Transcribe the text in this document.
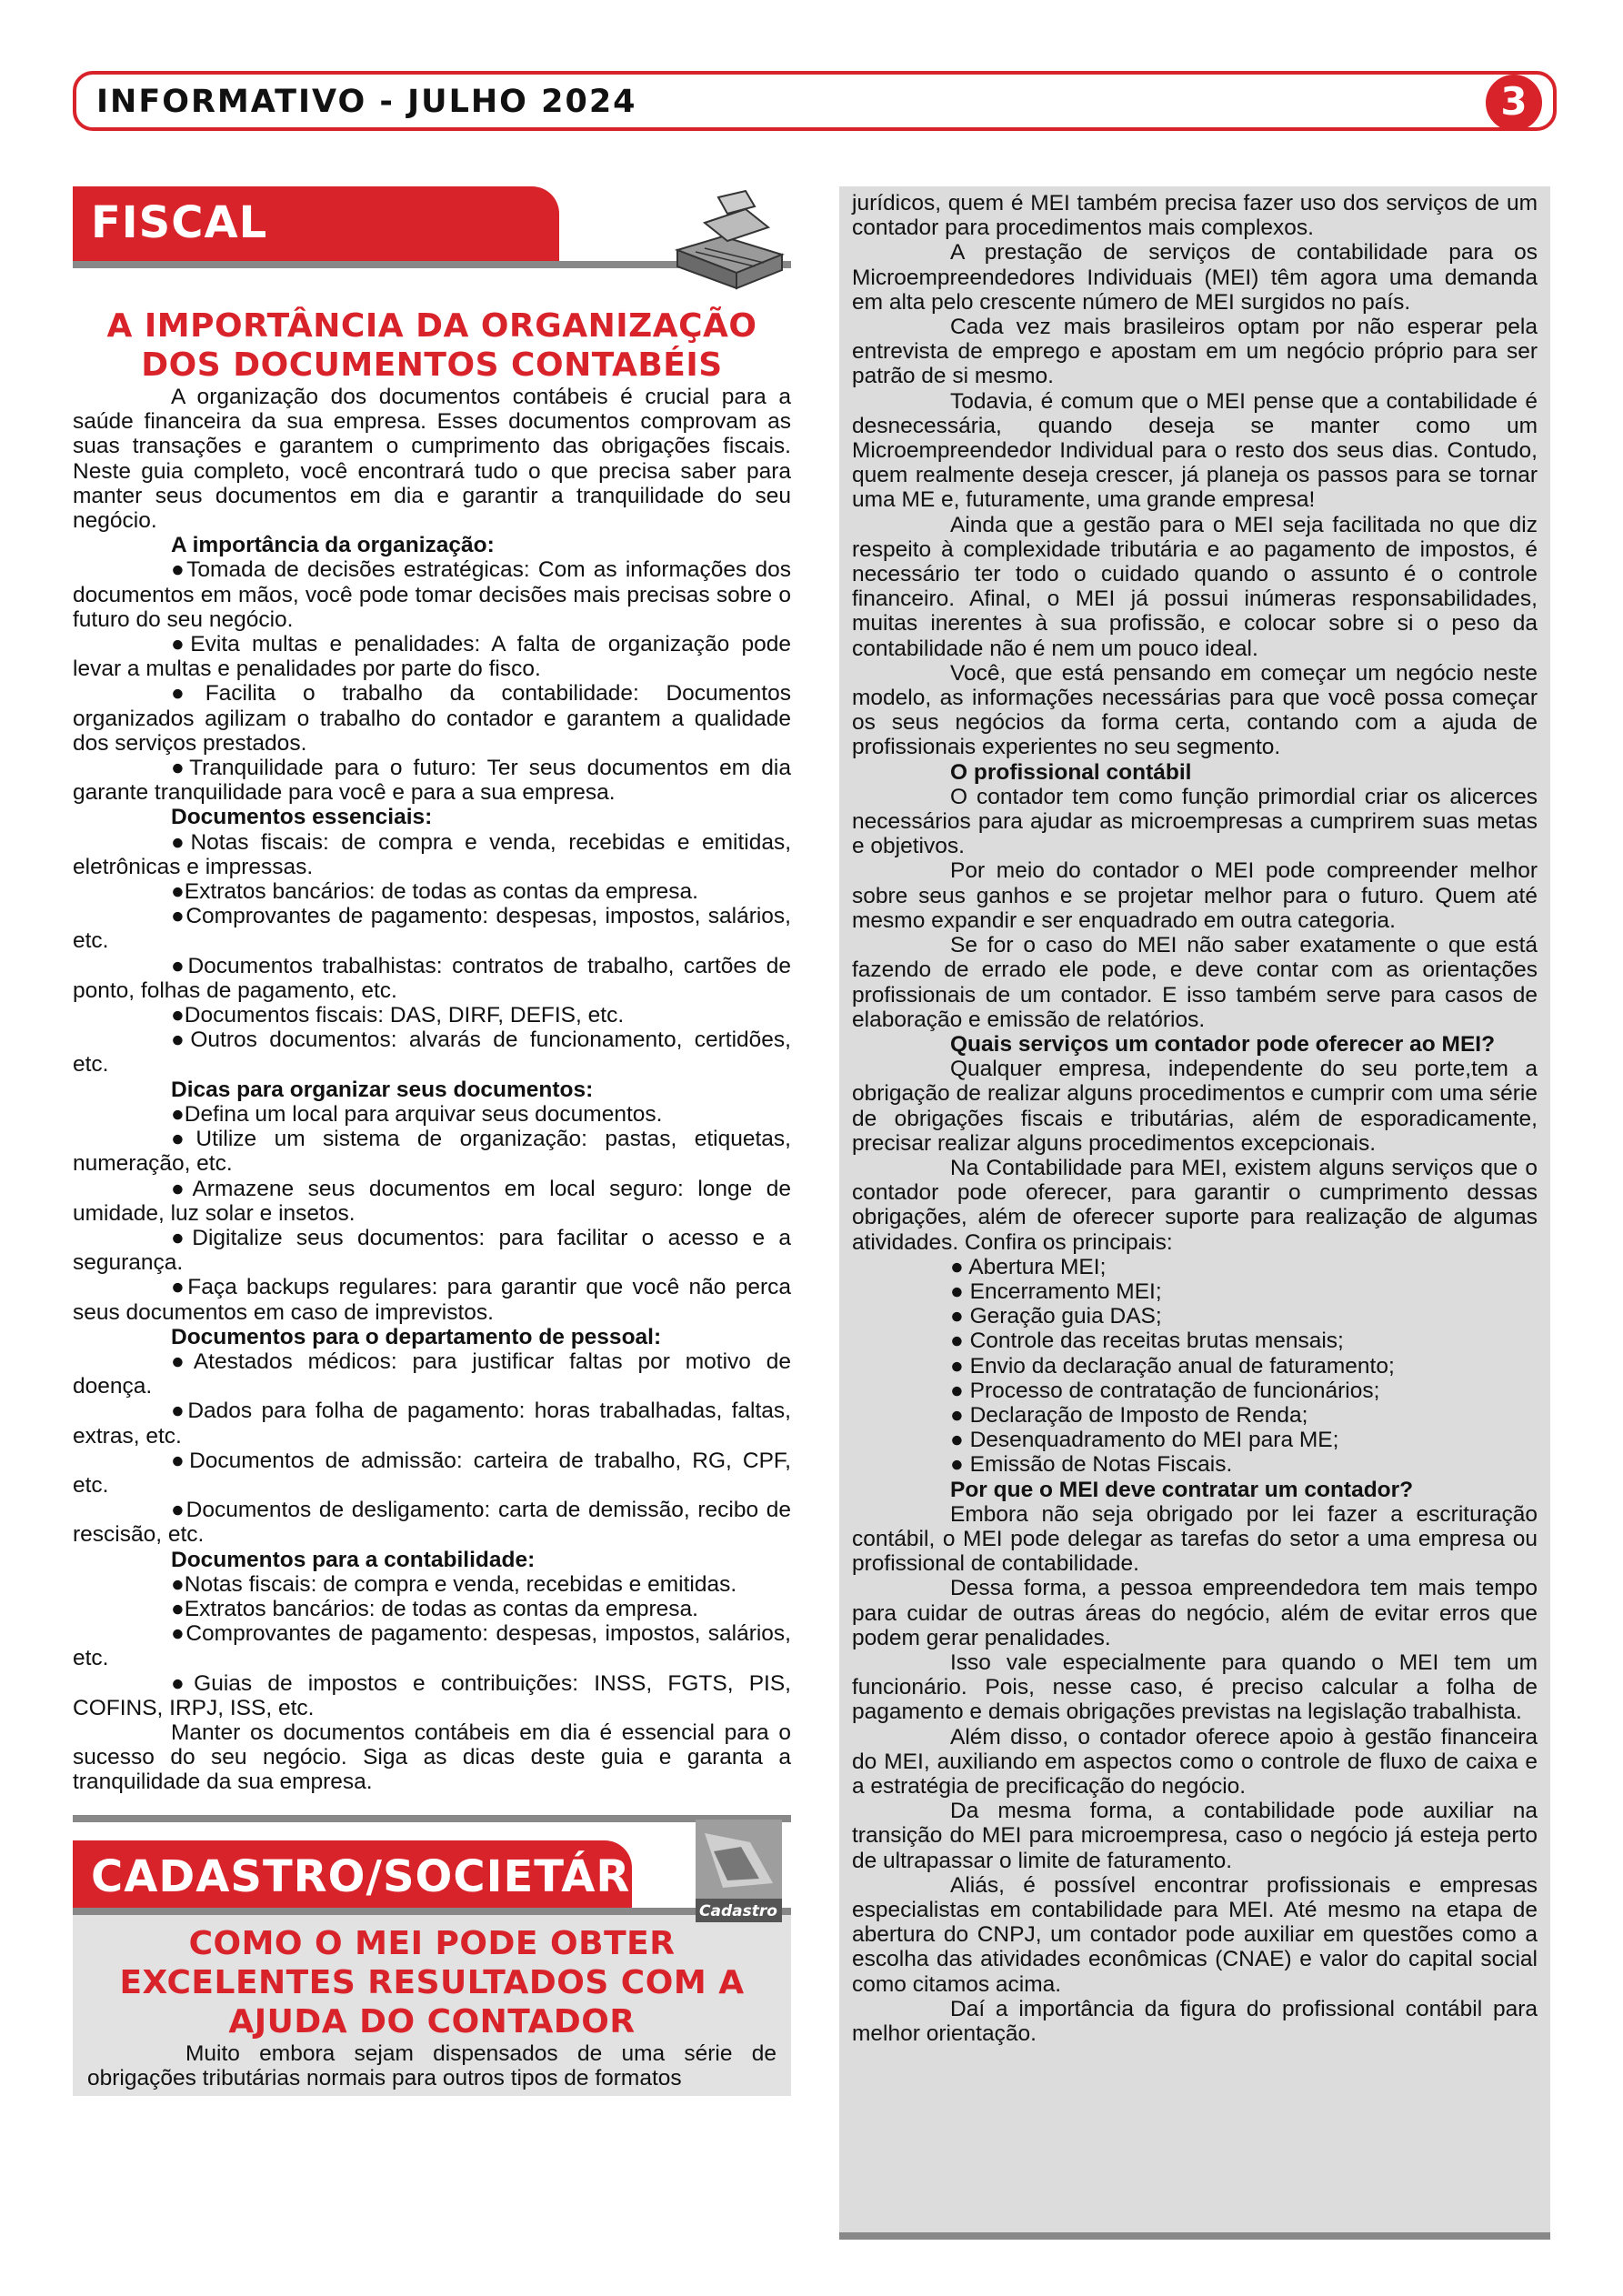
INFORMATIVO - JULHO 2024	3
FISCAL

A IMPORTÂNCIA DA ORGANIZAÇÃO

DOS DOCUMENTOS CONTABÉIS

A organização dos documentos contábeis é crucial para a saúde financeira da sua empresa. Esses documentos comprovam as suas transações e garantem o cumprimento das obrigações fiscais. Neste guia completo, você encontrará tudo o que precisa saber para manter seus documentos em dia e garantir a tranquilidade do seu negócio.

A importância da organização:

●Tomada de decisões estratégicas: Com as informações dos documentos em mãos, você pode tomar decisões mais precisas sobre o futuro do seu negócio.

●Evita multas e penalidades: A falta de organização pode levar a multas e penalidades por parte do fisco.

●Facilita o trabalho da contabilidade: Documentos organizados agilizam o trabalho do contador e garantem a qualidade dos serviços prestados.

●Tranquilidade para o futuro: Ter seus documentos em dia garante tranquilidade para você e para a sua empresa.

Documentos essenciais:

●Notas fiscais: de compra e venda, recebidas e emitidas, eletrônicas e impressas.

●Extratos bancários: de todas as contas da empresa.

●Comprovantes de pagamento: despesas, impostos, salários, etc.

●Documentos trabalhistas: contratos de trabalho, cartões de ponto, folhas de pagamento, etc.

●Documentos fiscais: DAS, DIRF, DEFIS, etc.

●Outros documentos: alvarás de funcionamento, certidões, etc.

Dicas para organizar seus documentos:

●Defina um local para arquivar seus documentos.

●Utilize um sistema de organização: pastas, etiquetas, numeração, etc.

●Armazene seus documentos em local seguro: longe de umidade, luz solar e insetos.

●Digitalize seus documentos: para facilitar o acesso e a segurança.

●Faça backups regulares: para garantir que você não perca seus documentos em caso de imprevistos.

Documentos para o departamento de pessoal:

●Atestados médicos: para justificar faltas por motivo de doença.

●Dados para folha de pagamento: horas trabalhadas, faltas, extras, etc.

●Documentos de admissão: carteira de trabalho, RG, CPF, etc.

●Documentos de desligamento: carta de demissão, recibo de rescisão, etc.

Documentos para a contabilidade:

●Notas fiscais: de compra e venda, recebidas e emitidas.

●Extratos bancários: de todas as contas da empresa.

●Comprovantes de pagamento: despesas, impostos, salários, etc.

●Guias de impostos e contribuições: INSS, FGTS, PIS, COFINS, IRPJ, ISS, etc.

Manter os documentos contábeis em dia é essencial para o sucesso do seu negócio. Siga as dicas deste guia e garanta a tranquilidade da sua empresa.

CADASTRO/SOCIETÁRIO
Cadastro

COMO O MEI PODE OBTER

EXCELENTES RESULTADOS COM A

AJUDA DO CONTADOR

Muito embora sejam dispensados de uma série de obrigações tributárias normais para outros tipos de formatos

jurídicos, quem é MEI também precisa fazer uso dos serviços de um contador para procedimentos mais complexos.

A prestação de serviços de contabilidade para os Microempreendedores Individuais (MEI) têm agora uma demanda em alta pelo crescente número de MEI surgidos no país.

Cada vez mais brasileiros optam por não esperar pela entrevista de emprego e apostam em um negócio próprio para ser patrão de si mesmo.

Todavia, é comum que o MEI pense que a contabilidade é desnecessária, quando deseja se manter como um Microempreendedor Individual para o resto dos seus dias. Contudo, quem realmente deseja crescer, já planeja os passos para se tornar uma ME e, futuramente, uma grande empresa!

Ainda que a gestão para o MEI seja facilitada no que diz respeito à complexidade tributária e ao pagamento de impostos, é necessário ter todo o cuidado quando o assunto é o controle financeiro. Afinal, o MEI já possui inúmeras responsabilidades, muitas inerentes à sua profissão, e colocar sobre si o peso da contabilidade não é nem um pouco ideal.

Você, que está pensando em começar um negócio neste modelo, as informações necessárias para que você possa começar os seus negócios da forma certa, contando com a ajuda de profissionais experientes no seu segmento.

O profissional contábil

O contador tem como função primordial criar os alicerces necessários para ajudar as microempresas a cumprirem suas metas e objetivos.

Por meio do contador o MEI pode compreender melhor sobre seus ganhos e se projetar melhor para o futuro. Quem até mesmo expandir e ser enquadrado em outra categoria.

Se for o caso do MEI não saber exatamente o que está fazendo de errado ele pode, e deve contar com as orientações profissionais de um contador. E isso também serve para casos de elaboração e emissão de relatórios.

Quais serviços um contador pode oferecer ao MEI?

Qualquer empresa, independente do seu porte,tem a obrigação de realizar alguns procedimentos e cumprir com uma série de obrigações fiscais e tributárias, além de esporadicamente, precisar realizar alguns procedimentos excepcionais.

Na Contabilidade para MEI, existem alguns serviços que o contador pode oferecer, para garantir o cumprimento dessas obrigações, além de oferecer suporte para realização de algumas atividades. Confira os principais:

● Abertura MEI;

● Encerramento MEI;

● Geração guia DAS;

● Controle das receitas brutas mensais;

● Envio da declaração anual de faturamento;

● Processo de contratação de funcionários;

● Declaração de Imposto de Renda;

● Desenquadramento do MEI para ME;

● Emissão de Notas Fiscais.

Por que o MEI deve contratar um contador?

Embora não seja obrigado por lei fazer a escrituração contábil, o MEI pode delegar as tarefas do setor a uma empresa ou profissional de contabilidade.

Dessa forma, a pessoa empreendedora tem mais tempo para cuidar de outras áreas do negócio, além de evitar erros que podem gerar penalidades.

Isso vale especialmente para quando o MEI tem um funcionário. Pois, nesse caso, é preciso calcular a folha de pagamento e demais obrigações previstas na legislação trabalhista.

Além disso, o contador oferece apoio à gestão financeira do MEI, auxiliando em aspectos como o controle de fluxo de caixa e a estratégia de precificação do negócio.

Da mesma forma, a contabilidade pode auxiliar na transição do MEI para microempresa, caso o negócio já esteja perto de ultrapassar o limite de faturamento.

Aliás, é possível encontrar profissionais e empresas especialistas em contabilidade para MEI. Até mesmo na etapa de abertura do CNPJ, um contador pode auxiliar em questões como a escolha das atividades econômicas (CNAE) e valor do capital social como citamos acima.

Daí a importância da figura do profissional contábil para melhor orientação.
